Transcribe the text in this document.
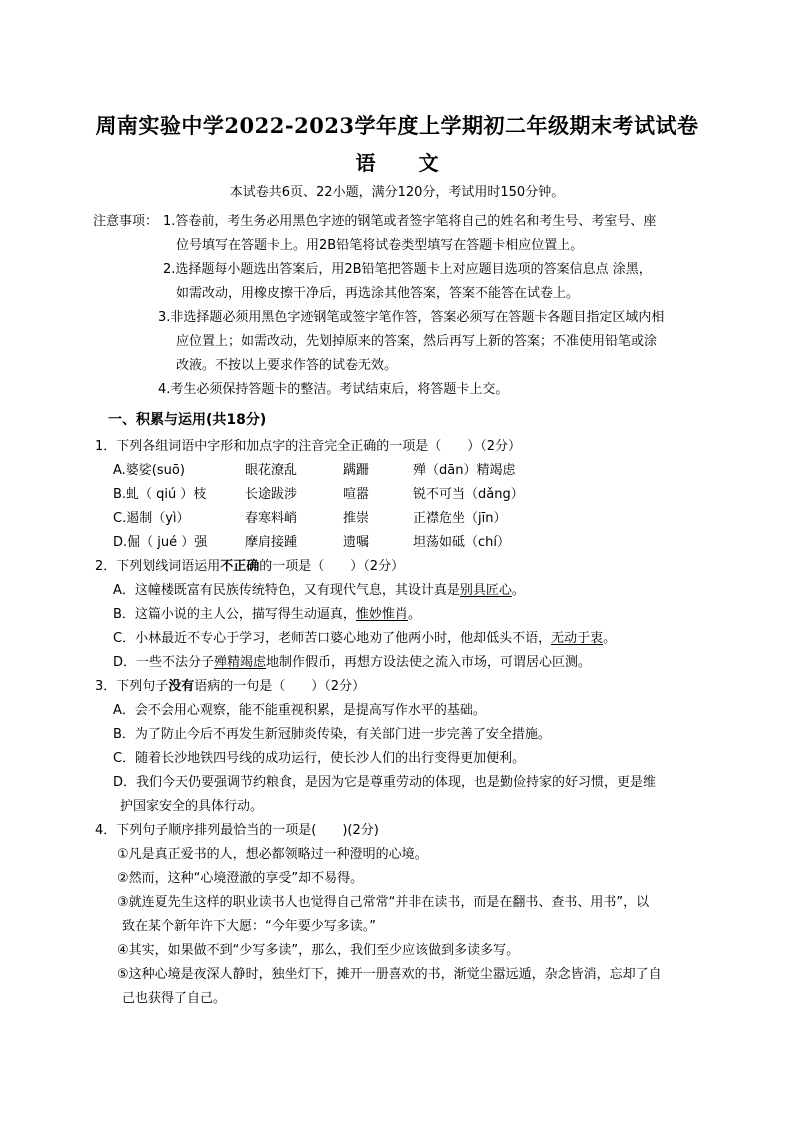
周南实验中学2022-2023学年度上学期初二年级期末考试试卷
语 文
本试卷共6页、22小题，满分120分，考试用时150分钟。
注意事项： 1.答卷前，考生务必用黑色字迹的钢笔或者签字笔将自己的姓名和考生号、考室号、座
位号填写在答题卡上。用2B铅笔将试卷类型填写在答题卡相应位置上。
2.选择题每小题选出答案后，用2B铅笔把答题卡上对应题目选项的答案信息点 涂黑，
如需改动，用橡皮擦干净后，再选涂其他答案，答案不能答在试卷上。
3.非选择题必须用黑色字迹钢笔或签字笔作答，答案必须写在答题卡各题目指定区域内相
应位置上；如需改动，先划掉原来的答案，然后再写上新的答案；不准使用铅笔或涂
改液。不按以上要求作答的试卷无效。
4.考生必须保持答题卡的整洁。考试结束后，将答题卡上交。
一、积累与运用(共18分)
1．下列各组词语中字形和加点字的注音完全正确的一项是（　　）（2分）
A.婆娑(suō)	眼花潦乱	蹒跚	殚（dān）精竭虑
B.虬（ qiú ）枝	长途跋涉	喧嚣	锐不可当（dǎng）
C.遏制（yì）	春寒料峭	推崇	正襟危坐（jīn）
D.倔（ jué ）强	摩肩接踵	遗嘱	坦荡如砥（chí）
2．下列划线词语运用不正确的一项是（　　）（2分）
A．这幢楼既富有民族传统特色，又有现代气息，其设计真是别具匠心。
B．这篇小说的主人公，描写得生动逼真，惟妙惟肖。
C．小林最近不专心于学习，老师苦口婆心地劝了他两小时，他却低头不语，无动于衷。
D．一些不法分子殚精竭虑地制作假币，再想方设法使之流入市场，可谓居心叵测。
3．下列句子没有语病的一句是（　　）（2分）
A．会不会用心观察，能不能重视积累，是提高写作水平的基础。
B．为了防止今后不再发生新冠肺炎传染，有关部门进一步完善了安全措施。
C．随着长沙地铁四号线的成功运行，使长沙人们的出行变得更加便利。
D．我们今天仍要强调节约粮食，是因为它是尊重劳动的体现，也是勤俭持家的好习惯，更是维
护国家安全的具体行动。
4．下列句子顺序排列最恰当的一项是(　　)(2分)
①凡是真正爱书的人，想必都领略过一种澄明的心境。
②然而，这种“心境澄澈的享受”却不易得。
③就连夏先生这样的职业读书人也觉得自己常常“并非在读书，而是在翻书、查书、用书”，以
致在某个新年许下大愿：“今年要少写多读。”
④其实，如果做不到“少写多读”，那么，我们至少应该做到多读多写。
⑤这种心境是夜深人静时，独坐灯下，摊开一册喜欢的书，渐觉尘嚣远遁，杂念皆消，忘却了自
己也获得了自己。
